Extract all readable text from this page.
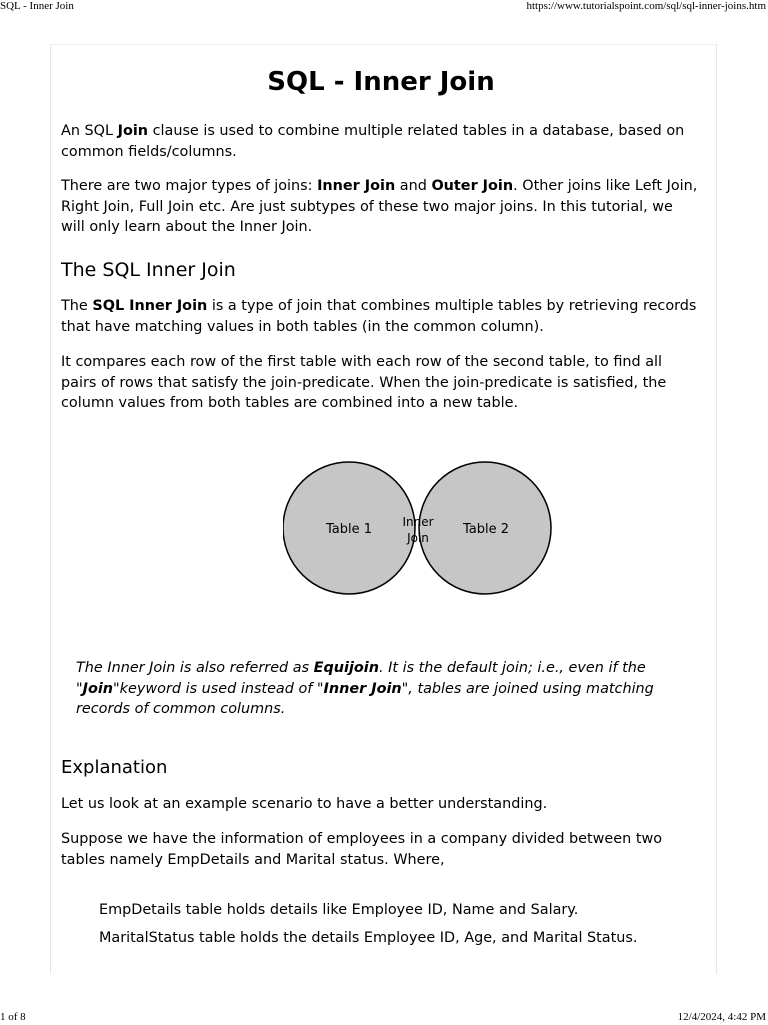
SQL - Inner Join	https://www.tutorialspoint.com/sql/sql-inner-joins.htm
SQL - Inner Join

An SQL Join clause is used to combine multiple related tables in a database, based on common fields/columns.

There are two major types of joins: Inner Join and Outer Join. Other joins like Left Join, Right Join, Full Join etc. Are just subtypes of these two major joins. In this tutorial, we will only learn about the Inner Join.

The SQL Inner Join

The SQL Inner Join is a type of join that combines multiple tables by retrieving records that have matching values in both tables (in the common column).

It compares each row of the first table with each row of the second table, to find all pairs of rows that satisfy the join-predicate. When the join-predicate is satisfied, the column values from both tables are combined into a new table.

Table 1	Table 2
Inner
Join

The Inner Join is also referred as Equijoin. It is the default join; i.e., even if the "Join"keyword is used instead of "Inner Join", tables are joined using matching records of common columns.

Explanation

Let us look at an example scenario to have a better understanding.

Suppose we have the information of employees in a company divided between two tables namely EmpDetails and Marital status. Where,

EmpDetails table holds details like Employee ID, Name and Salary.
MaritalStatus table holds the details Employee ID, Age, and Marital Status.
1 of 8	12/4/2024, 4:42 PM
